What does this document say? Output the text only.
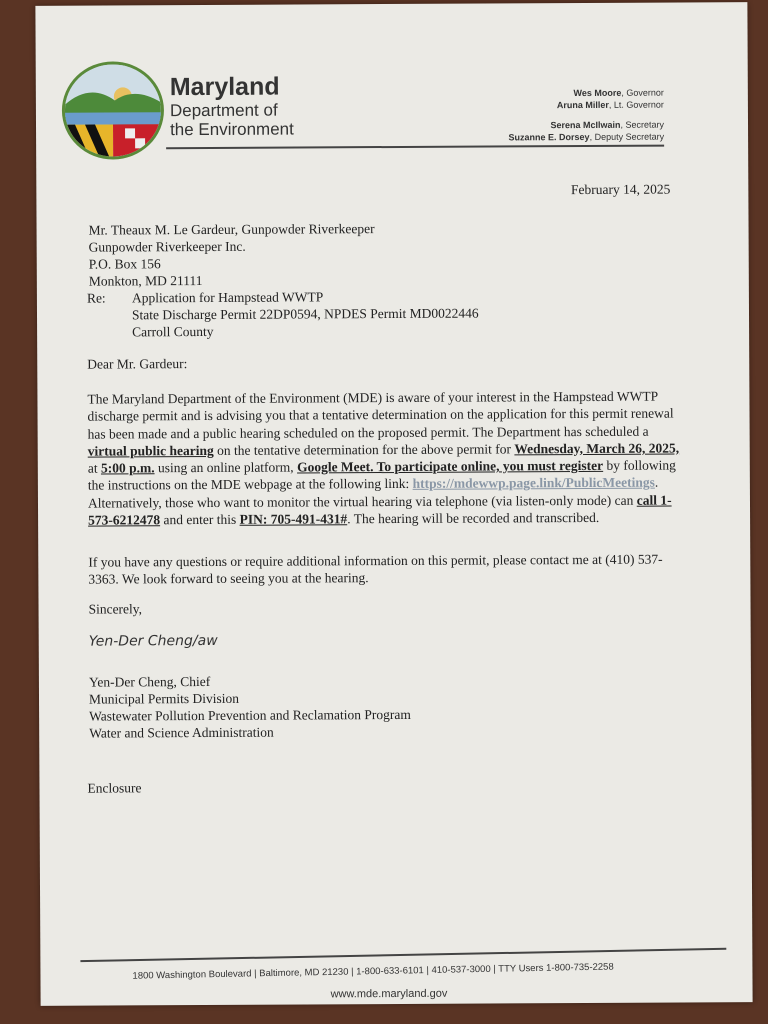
Maryland
Department of
the Environment
Wes Moore, Governor
Aruna Miller, Lt. Governor
Serena McIlwain, Secretary
Suzanne E. Dorsey, Deputy Secretary
February 14, 2025
Mr. Theaux M. Le Gardeur, Gunpowder Riverkeeper
Gunpowder Riverkeeper Inc.
P.O. Box 156
Monkton, MD 21111
Re: Application for Hampstead WWTP
State Discharge Permit 22DP0594, NPDES Permit MD0022446
Carroll County
Dear Mr. Gardeur:
The Maryland Department of the Environment (MDE) is aware of your interest in the Hampstead WWTP discharge permit and is advising you that a tentative determination on the application for this permit renewal has been made and a public hearing scheduled on the proposed permit. The Department has scheduled a virtual public hearing on the tentative determination for the above permit for Wednesday, March 26, 2025, at 5:00 p.m. using an online platform, Google Meet. To participate online, you must register by following the instructions on the MDE webpage at the following link: https://mdewwp.page.link/PublicMeetings. Alternatively, those who want to monitor the virtual hearing via telephone (via listen-only mode) can call 1-573-6212478 and enter this PIN: 705-491-431#. The hearing will be recorded and transcribed.
If you have any questions or require additional information on this permit, please contact me at (410) 537-3363. We look forward to seeing you at the hearing.
Sincerely,
Yen-Der Cheng/aw
Yen-Der Cheng, Chief
Municipal Permits Division
Wastewater Pollution Prevention and Reclamation Program
Water and Science Administration
Enclosure
1800 Washington Boulevard | Baltimore, MD 21230 | 1-800-633-6101 | 410-537-3000 | TTY Users 1-800-735-2258
www.mde.maryland.gov
